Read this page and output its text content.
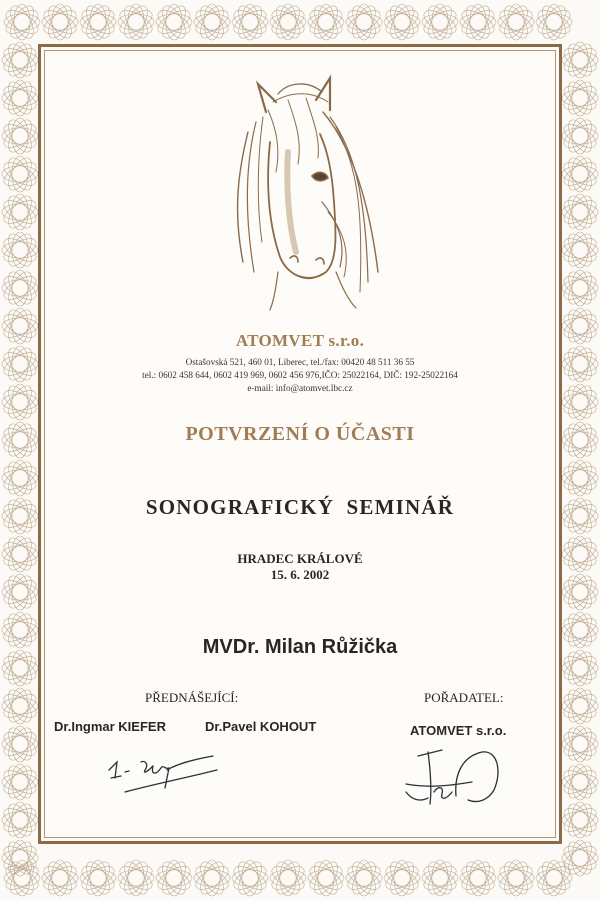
ATOMVET s.r.o.
Ostašovská 521, 460 01, Liberec, tel./fax: 00420 48 511 36 55
tel.: 0602 458 644, 0602 419 969, 0602 456 976,IČO: 25022164, DIČ: 192-25022164
e-mail: info@atomvet.lbc.cz
POTVRZENÍ O ÚČASTI
SONOGRAFICKÝ SEMINÁŘ
HRADEC KRÁLOVÉ
15. 6. 2002
MVDr. Milan Růžička
PŘEDNÁŠEJÍCÍ:	POŘADATEL:
Dr.Ingmar KIEFER	Dr.Pavel KOHOUT	ATOMVET s.r.o.
